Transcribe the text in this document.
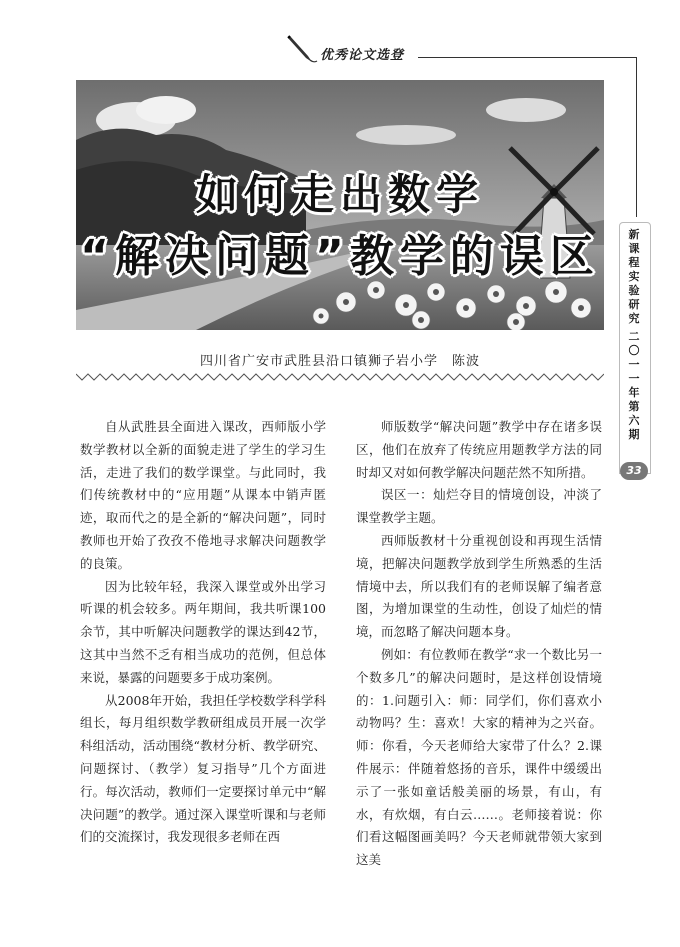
优秀论文选登
如何走出数学
“解决问题”教学的误区	新课程实验研究
二〇一一年第六期
33
四川省广安市武胜县沿口镇狮子岩小学　陈波

自从武胜县全面进入课改，西师版小学数学教材以全新的面貌走进了学生的学习生活，走进了我们的数学课堂。与此同时，我们传统教材中的“应用题”从课本中销声匿迹，取而代之的是全新的“解决问题”，同时教师也开始了孜孜不倦地寻求解决问题教学的良策。

因为比较年轻，我深入课堂或外出学习听课的机会较多。两年期间，我共听课100余节，其中听解决问题教学的课达到42节，这其中当然不乏有相当成功的范例，但总体来说，暴露的问题要多于成功案例。

从2008年开始，我担任学校数学科学科组长，每月组织数学教研组成员开展一次学科组活动，活动围绕“教材分析、教学研究、问题探讨、（教学）复习指导”几个方面进行。每次活动，教师们一定要探讨单元中“解决问题”的教学。通过深入课堂听课和与老师们的交流探讨，我发现很多老师在西

师版数学“解决问题”教学中存在诸多误区，他们在放弃了传统应用题教学方法的同时却又对如何教学解决问题茫然不知所措。

误区一：灿烂夺目的情境创设，冲淡了课堂教学主题。

西师版教材十分重视创设和再现生活情境，把解决问题教学放到学生所熟悉的生活情境中去，所以我们有的老师误解了编者意图，为增加课堂的生动性，创设了灿烂的情境，而忽略了解决问题本身。

例如：有位教师在教学“求一个数比另一个数多几”的解决问题时，是这样创设情境的：1.问题引入：师：同学们，你们喜欢小动物吗？生：喜欢！大家的精神为之兴奋。师：你看，今天老师给大家带了什么？2.课件展示：伴随着悠扬的音乐，课件中缓缓出示了一张如童话般美丽的场景，有山，有水，有炊烟，有白云……。老师接着说：你们看这幅图画美吗？今天老师就带领大家到这美
